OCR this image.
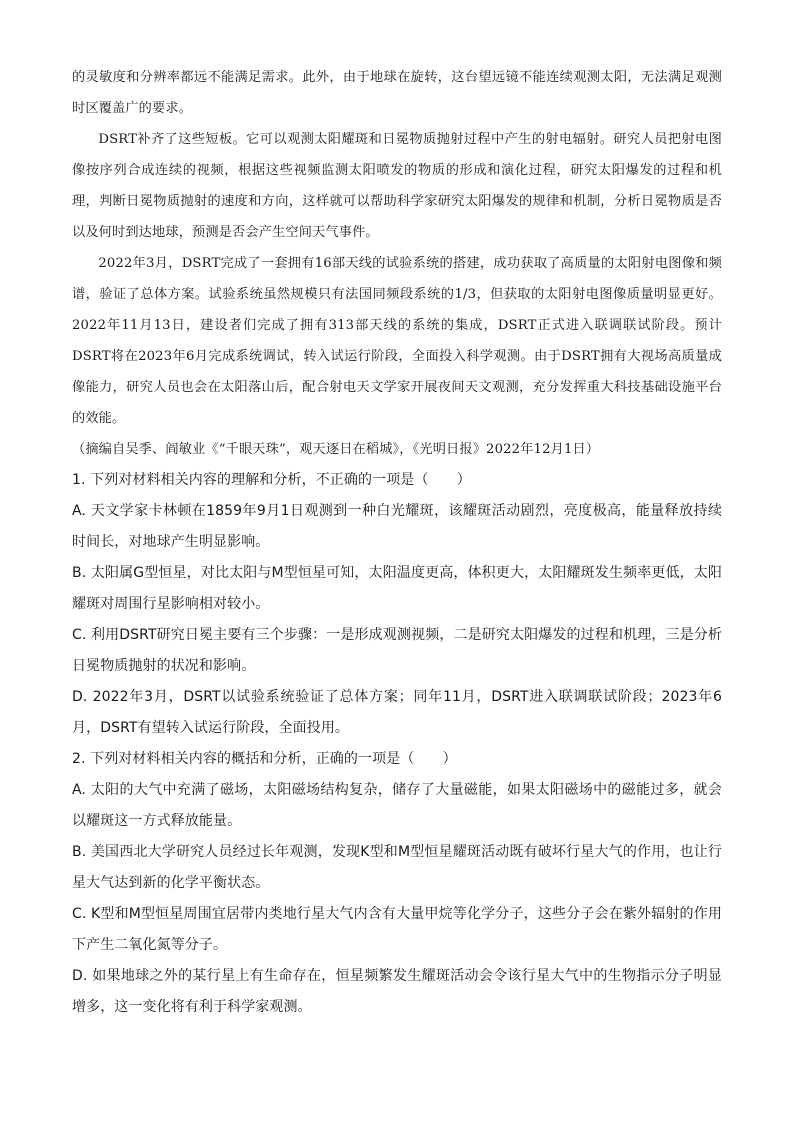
的灵敏度和分辨率都远不能满足需求。此外，由于地球在旋转，这台望远镜不能连续观测太阳，无法满足观测时区覆盖广的要求。

DSRT补齐了这些短板。它可以观测太阳耀斑和日冕物质抛射过程中产生的射电辐射。研究人员把射电图像按序列合成连续的视频，根据这些视频监测太阳喷发的物质的形成和演化过程，研究太阳爆发的过程和机理，判断日冕物质抛射的速度和方向，这样就可以帮助科学家研究太阳爆发的规律和机制，分析日冕物质是否以及何时到达地球，预测是否会产生空间天气事件。

2022年3月，DSRT完成了一套拥有16部天线的试验系统的搭建，成功获取了高质量的太阳射电图像和频谱，验证了总体方案。试验系统虽然规模只有法国同频段系统的1/3，但获取的太阳射电图像质量明显更好。2022年11月13日，建设者们完成了拥有313部天线的系统的集成，DSRT正式进入联调联试阶段。预计DSRT将在2023年6月完成系统调试，转入试运行阶段，全面投入科学观测。由于DSRT拥有大视场高质量成像能力，研究人员也会在太阳落山后，配合射电天文学家开展夜间天文观测，充分发挥重大科技基础设施平台的效能。

（摘编自吴季、阎敏业《“千眼天珠”，观天逐日在稻城》，《光明日报》2022年12月1日）

1. 下列对材料相关内容的理解和分析，不正确的一项是（　　）

A. 天文学家卡林顿在1859年9月1日观测到一种白光耀斑，该耀斑活动剧烈，亮度极高，能量释放持续时间长，对地球产生明显影响。

B. 太阳属G型恒星，对比太阳与M型恒星可知，太阳温度更高，体积更大，太阳耀斑发生频率更低，太阳耀斑对周围行星影响相对较小。

C. 利用DSRT研究日冕主要有三个步骤：一是形成观测视频，二是研究太阳爆发的过程和机理，三是分析日冕物质抛射的状况和影响。

D. 2022年3月，DSRT以试验系统验证了总体方案；同年11月，DSRT进入联调联试阶段；2023年6月，DSRT有望转入试运行阶段，全面投用。

2. 下列对材料相关内容的概括和分析，正确的一项是（　　）

A. 太阳的大气中充满了磁场，太阳磁场结构复杂，储存了大量磁能，如果太阳磁场中的磁能过多，就会以耀斑这一方式释放能量。

B. 美国西北大学研究人员经过长年观测，发现K型和M型恒星耀斑活动既有破坏行星大气的作用，也让行星大气达到新的化学平衡状态。

C. K型和M型恒星周围宜居带内类地行星大气内含有大量甲烷等化学分子，这些分子会在紫外辐射的作用下产生二氧化氮等分子。

D. 如果地球之外的某行星上有生命存在，恒星频繁发生耀斑活动会令该行星大气中的生物指示分子明显增多，这一变化将有利于科学家观测。
